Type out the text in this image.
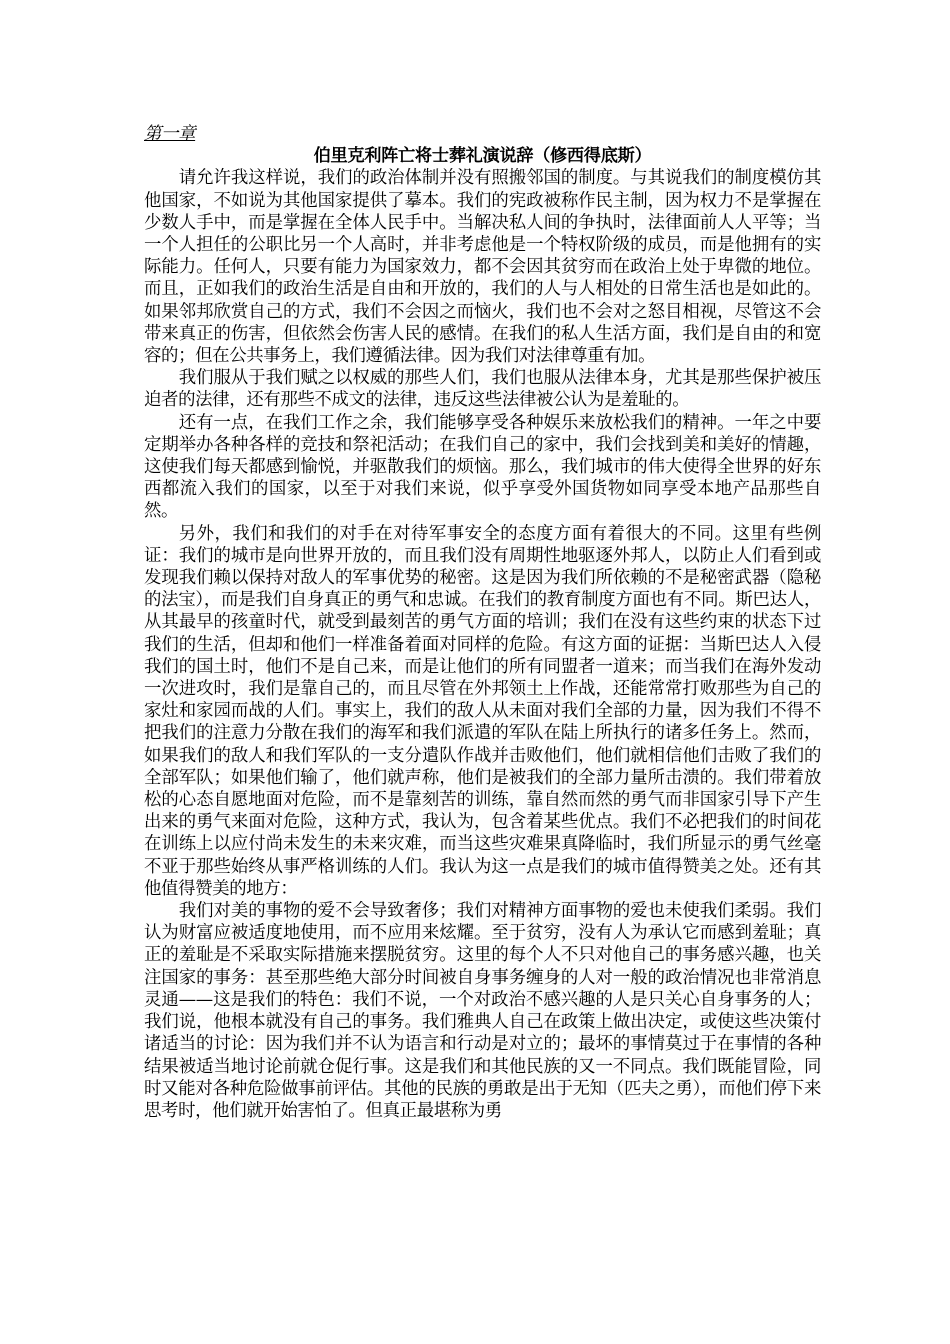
第一章

伯里克利阵亡将士葬礼演说辞（修西得底斯）

请允许我这样说，我们的政治体制并没有照搬邻国的制度。与其说我们的制度模仿其他国家，不如说为其他国家提供了摹本。我们的宪政被称作民主制，因为权力不是掌握在少数人手中，而是掌握在全体人民手中。当解决私人间的争执时，法律面前人人平等；当一个人担任的公职比另一个人高时，并非考虑他是一个特权阶级的成员，而是他拥有的实际能力。任何人，只要有能力为国家效力，都不会因其贫穷而在政治上处于卑微的地位。而且，正如我们的政治生活是自由和开放的，我们的人与人相处的日常生活也是如此的。如果邻邦欣赏自己的方式，我们不会因之而恼火，我们也不会对之怒目相视，尽管这不会带来真正的伤害，但依然会伤害人民的感情。在我们的私人生活方面，我们是自由的和宽容的；但在公共事务上，我们遵循法律。因为我们对法律尊重有加。

我们服从于我们赋之以权威的那些人们，我们也服从法律本身，尤其是那些保护被压迫者的法律，还有那些不成文的法律，违反这些法律被公认为是羞耻的。

还有一点，在我们工作之余，我们能够享受各种娱乐来放松我们的精神。一年之中要定期举办各种各样的竞技和祭祀活动；在我们自己的家中，我们会找到美和美好的情趣，这使我们每天都感到愉悦，并驱散我们的烦恼。那么，我们城市的伟大使得全世界的好东西都流入我们的国家，以至于对我们来说，似乎享受外国货物如同享受本地产品那些自然。

另外，我们和我们的对手在对待军事安全的态度方面有着很大的不同。这里有些例证：我们的城市是向世界开放的，而且我们没有周期性地驱逐外邦人，以防止人们看到或发现我们赖以保持对敌人的军事优势的秘密。这是因为我们所依赖的不是秘密武器（隐秘的法宝），而是我们自身真正的勇气和忠诚。在我们的教育制度方面也有不同。斯巴达人，从其最早的孩童时代，就受到最刻苦的勇气方面的培训；我们在没有这些约束的状态下过我们的生活，但却和他们一样准备着面对同样的危险。有这方面的证据：当斯巴达人入侵我们的国土时，他们不是自己来，而是让他们的所有同盟者一道来；而当我们在海外发动一次进攻时，我们是靠自己的，而且尽管在外邦领土上作战，还能常常打败那些为自己的家灶和家园而战的人们。事实上，我们的敌人从未面对我们全部的力量，因为我们不得不把我们的注意力分散在我们的海军和我们派遣的军队在陆上所执行的诸多任务上。然而，如果我们的敌人和我们军队的一支分遣队作战并击败他们，他们就相信他们击败了我们的全部军队；如果他们输了，他们就声称，他们是被我们的全部力量所击溃的。我们带着放松的心态自愿地面对危险，而不是靠刻苦的训练，靠自然而然的勇气而非国家引导下产生出来的勇气来面对危险，这种方式，我认为，包含着某些优点。我们不必把我们的时间花在训练上以应付尚未发生的未来灾难，而当这些灾难果真降临时，我们所显示的勇气丝毫不亚于那些始终从事严格训练的人们。我认为这一点是我们的城市值得赞美之处。还有其他值得赞美的地方：

我们对美的事物的爱不会导致奢侈；我们对精神方面事物的爱也未使我们柔弱。我们认为财富应被适度地使用，而不应用来炫耀。至于贫穷，没有人为承认它而感到羞耻；真正的羞耻是不采取实际措施来摆脱贫穷。这里的每个人不只对他自己的事务感兴趣，也关注国家的事务：甚至那些绝大部分时间被自身事务缠身的人对一般的政治情况也非常消息灵通——这是我们的特色：我们不说，一个对政治不感兴趣的人是只关心自身事务的人；我们说，他根本就没有自己的事务。我们雅典人自己在政策上做出决定，或使这些决策付诸适当的讨论：因为我们并不认为语言和行动是对立的；最坏的事情莫过于在事情的各种结果被适当地讨论前就仓促行事。这是我们和其他民族的又一不同点。我们既能冒险，同时又能对各种危险做事前评估。其他的民族的勇敢是出于无知（匹夫之勇），而他们停下来思考时，他们就开始害怕了。但真正最堪称为勇
